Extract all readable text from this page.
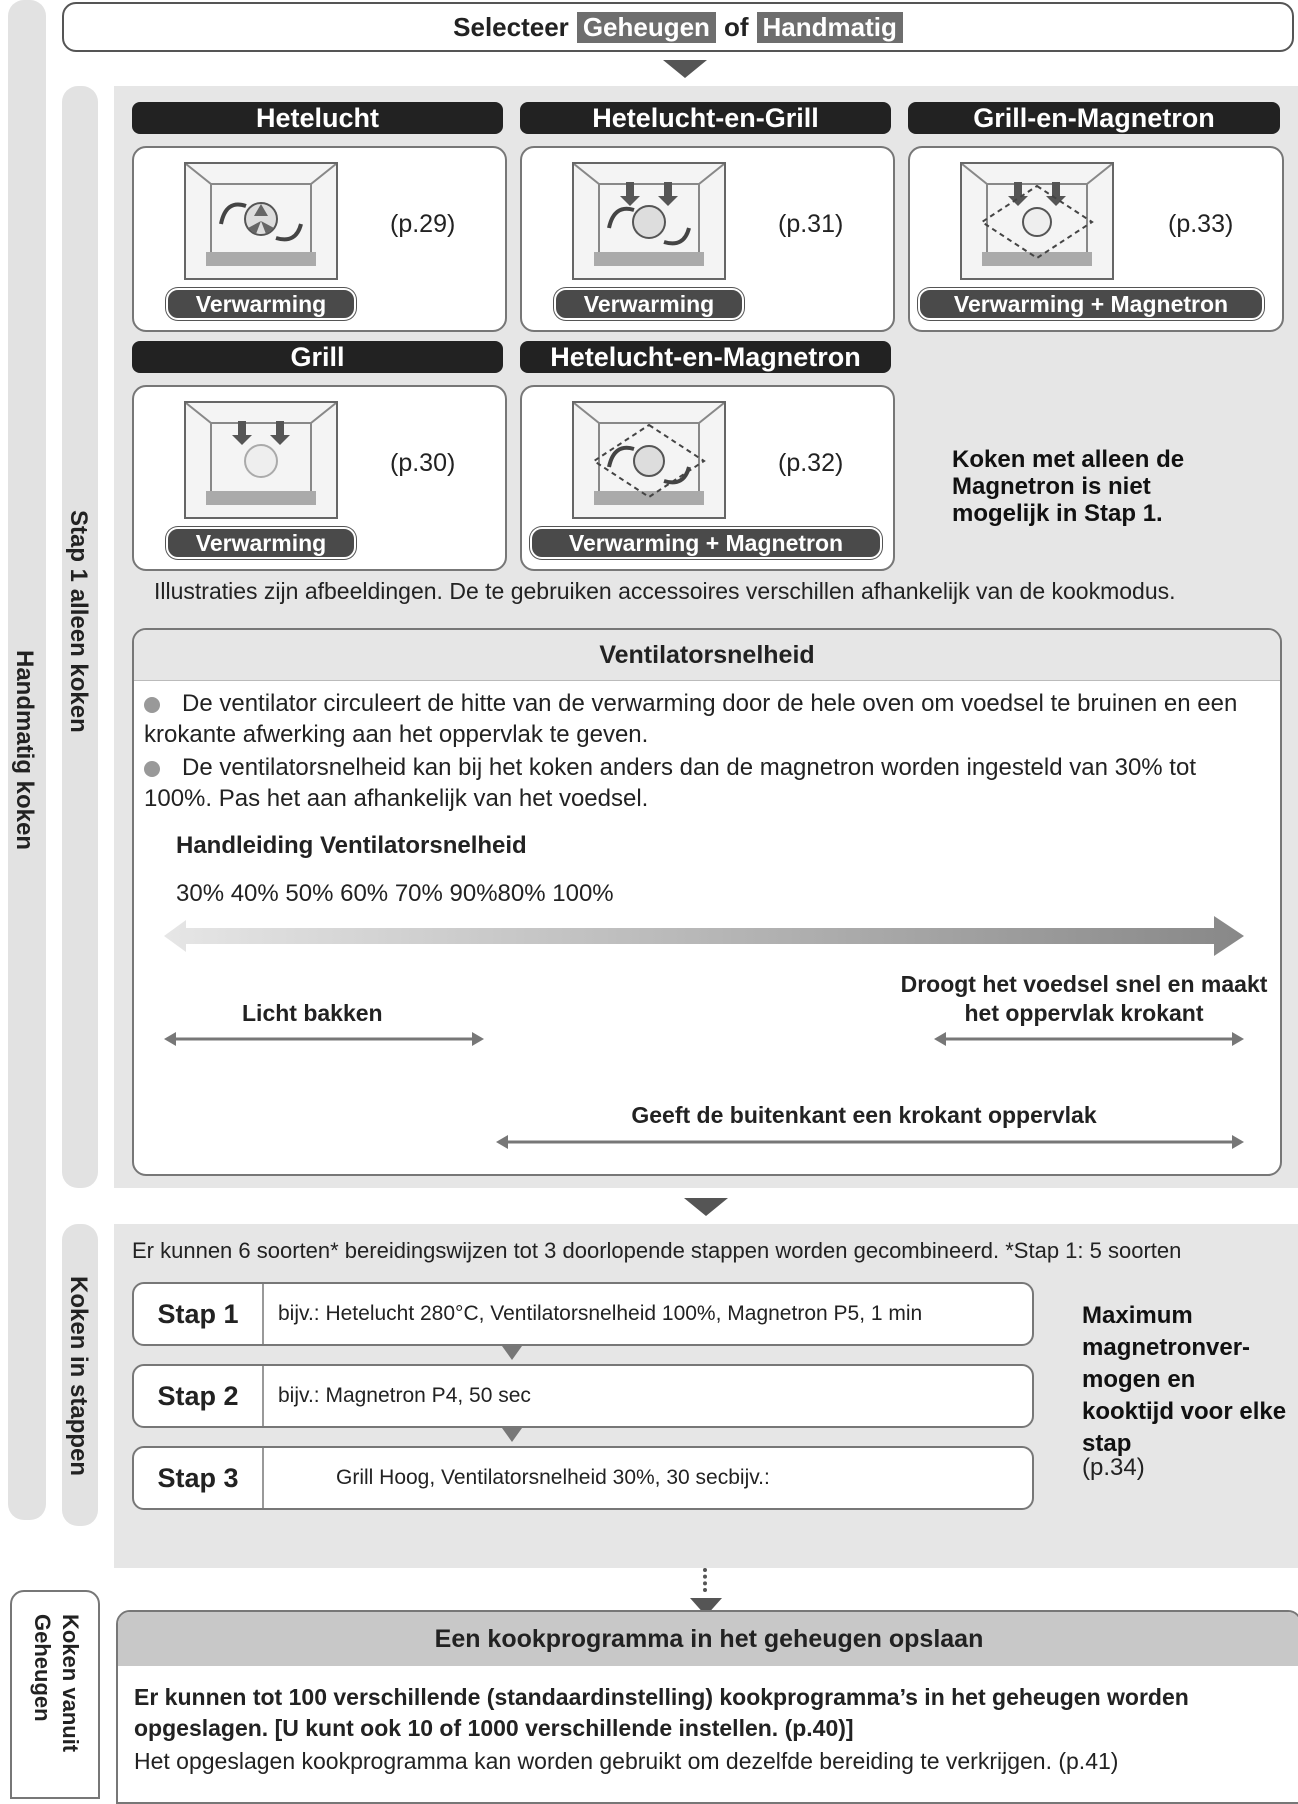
Selecteer Geheugen of Handmatig
Handmatig koken
Stap 1 alleen koken
Hetelucht
(p.29)
Verwarming
Hetelucht-en-Grill
(p.31)
Verwarming
Grill-en-Magnetron
(p.33)
Verwarming + Magnetron
Grill
(p.30)
Verwarming
Hetelucht-en-Magnetron
(p.32)
Verwarming + Magnetron
Koken met alleen de Magnetron is niet mogelijk in Stap 1.
Illustraties zijn afbeeldingen. De te gebruiken accessoires verschillen afhankelijk van de kookmodus.
Ventilatorsnelheid
De ventilator circuleert de hitte van de verwarming door de hele oven om voedsel te bruinen en een krokante afwerking aan het oppervlak te geven.
De ventilatorsnelheid kan bij het koken anders dan de magnetron worden ingesteld van 30% tot 100%. Pas het aan afhankelijk van het voedsel.
Handleiding Ventilatorsnelheid
30% 40% 50% 60% 70% 90%80% 100%
Licht bakken
Droogt het voedsel snel en maakt het oppervlak krokant
Geeft de buitenkant een krokant oppervlak
Koken in stappen
Er kunnen 6 soorten* bereidingswijzen tot 3 doorlopende stappen worden gecombineerd. *Stap 1: 5 soorten
Stap 1	bijv.: Hetelucht 280°C, Ventilatorsnelheid 100%, Magnetron P5, 1 min
Stap 2	bijv.: Magnetron P4, 50 sec
Stap 3	Grill Hoog, Ventilatorsnelheid 30%, 30 secbijv.:
Maximum magnetronver-mogen en kooktijd voor elke stap
(p.34)
Koken vanuit Geheugen	Een kookprogramma in het geheugen opslaan
Er kunnen tot 100 verschillende (standaardinstelling) kookprogramma’s in het geheugen worden opgeslagen. [U kunt ook 10 of 1000 verschillende instellen. (p.40)]
Het opgeslagen kookprogramma kan worden gebruikt om dezelfde bereiding te verkrijgen. (p.41)
